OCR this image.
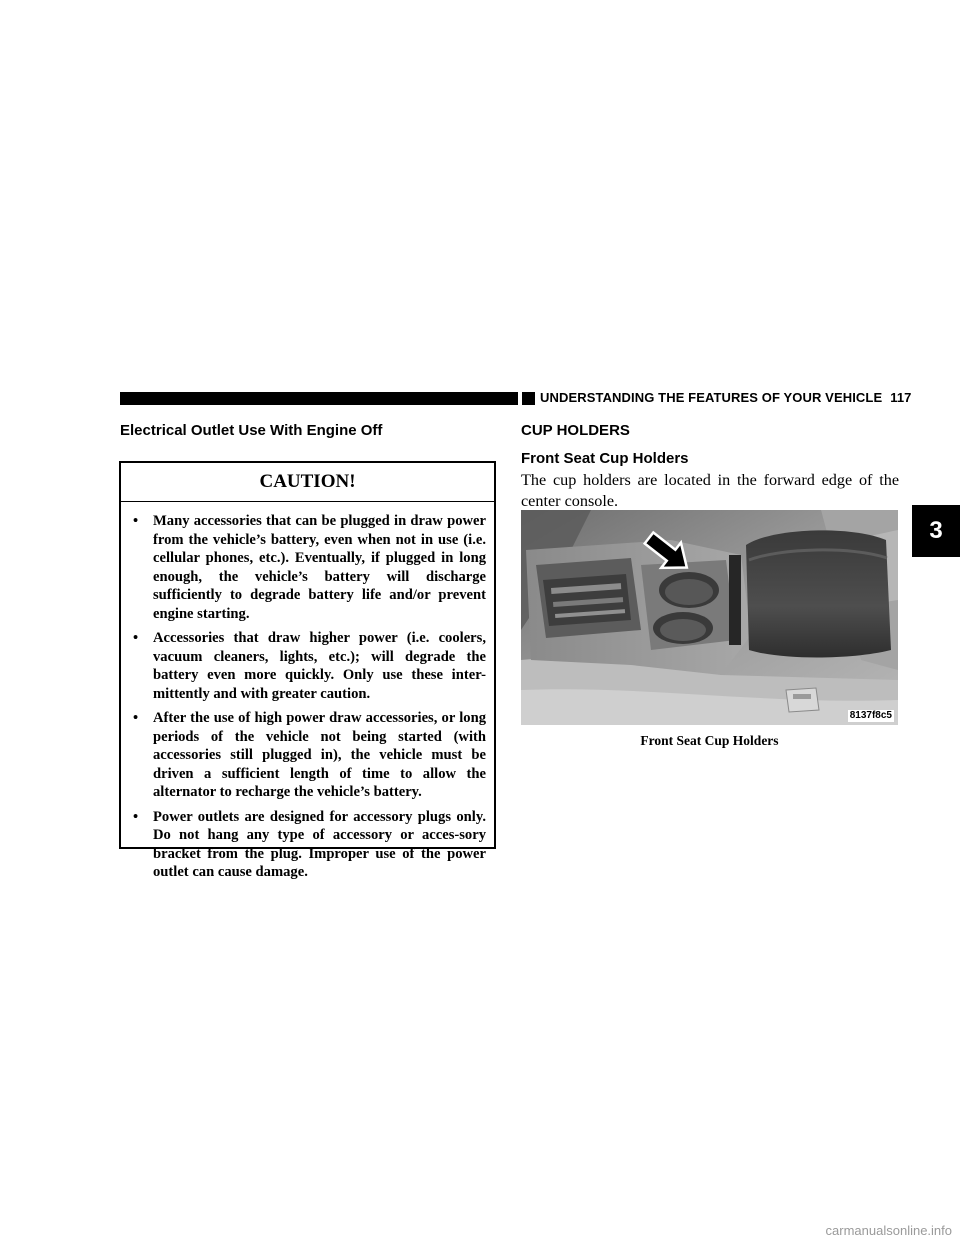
UNDERSTANDING THE FEATURES OF YOUR VEHICLE 117
3
Electrical Outlet Use With Engine Off
CAUTION!
• Many accessories that can be plugged in draw power from the vehicle’s battery, even when not in use (i.e. cellular phones, etc.). Eventually, if plugged in long enough, the vehicle’s battery will discharge sufficiently to degrade battery life and/or prevent engine starting.
• Accessories that draw higher power (i.e. coolers, vacuum cleaners, lights, etc.); will degrade the battery even more quickly. Only use these inter-mittently and with greater caution.
• After the use of high power draw accessories, or long periods of the vehicle not being started (with accessories still plugged in), the vehicle must be driven a sufficient length of time to allow the alternator to recharge the vehicle’s battery.
• Power outlets are designed for accessory plugs only. Do not hang any type of accessory or acces-sory bracket from the plug. Improper use of the power outlet can cause damage.
CUP HOLDERS
Front Seat Cup Holders
The cup holders are located in the forward edge of the center console.
8137f8c5
Front Seat Cup Holders
carmanualsonline.info
